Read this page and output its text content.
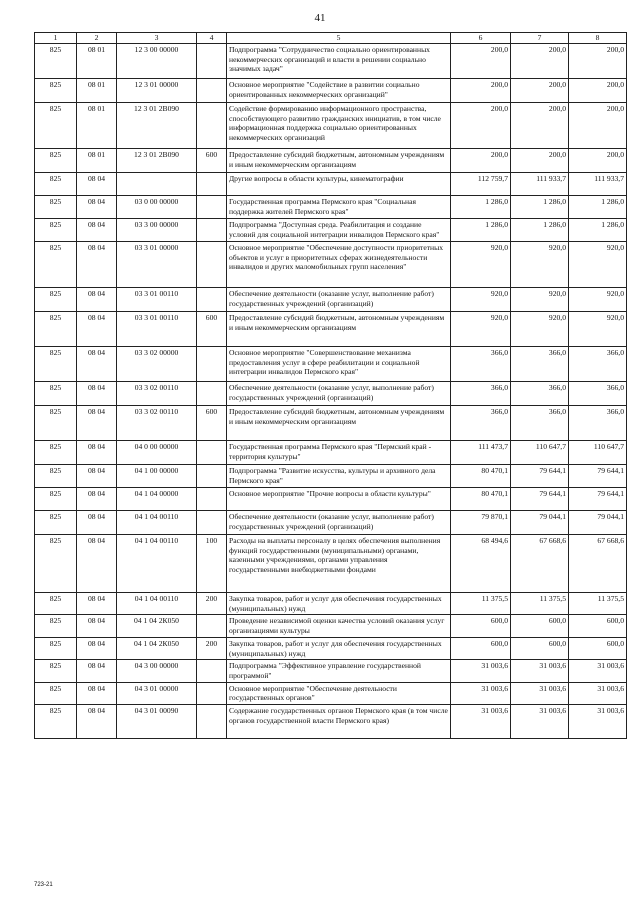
41
1	2	3	4	5	6	7	8
825	08 01	12 3 00 00000		Подпрограмма "Сотрудничество социально ориентированных некоммерческих организаций и власти в решении социально значимых задач"	200,0	200,0	200,0
825	08 01	12 3 01 00000		Основное мероприятие "Содействие в развитии социально ориентированных некоммерческих организаций"	200,0	200,0	200,0
825	08 01	12 3 01 2В090		Содействие формированию информационного пространства, способствующего развитию гражданских инициатив, в том числе информационная поддержка социально ориентированных некоммерческих организаций	200,0	200,0	200,0
825	08 01	12 3 01 2В090	600	Предоставление субсидий бюджетным, автономным учреждениям и иным некоммерческим организациям	200,0	200,0	200,0
825	08 04			Другие вопросы в области культуры, кинематографии	112 759,7	111 933,7	111 933,7
825	08 04	03 0 00 00000		Государственная программа Пермского края "Социальная поддержка жителей Пермского края"	1 286,0	1 286,0	1 286,0
825	08 04	03 3 00 00000		Подпрограмма "Доступная среда. Реабилитация и создание условий для социальной интеграции инвалидов Пермского края"	1 286,0	1 286,0	1 286,0
825	08 04	03 3 01 00000		Основное мероприятие "Обеспечение доступности приоритетных объектов и услуг в приоритетных сферах жизнедеятельности инвалидов и других маломобильных групп населения"	920,0	920,0	920,0
825	08 04	03 3 01 00110		Обеспечение деятельности (оказание услуг, выполнение работ) государственных учреждений (организаций)	920,0	920,0	920,0
825	08 04	03 3 01 00110	600	Предоставление субсидий бюджетным, автономным учреждениям и иным некоммерческим организациям	920,0	920,0	920,0
825	08 04	03 3 02 00000		Основное мероприятие "Совершенствование механизма предоставления услуг в сфере реабилитации и социальной интеграции инвалидов Пермского края"	366,0	366,0	366,0
825	08 04	03 3 02 00110		Обеспечение деятельности (оказание услуг, выполнение работ) государственных учреждений (организаций)	366,0	366,0	366,0
825	08 04	03 3 02 00110	600	Предоставление субсидий бюджетным, автономным учреждениям и иным некоммерческим организациям	366,0	366,0	366,0
825	08 04	04 0 00 00000		Государственная программа Пермского края "Пермский край - территория культуры"	111 473,7	110 647,7	110 647,7
825	08 04	04 1 00 00000		Подпрограмма "Развитие искусства, культуры и архивного дела Пермского края"	80 470,1	79 644,1	79 644,1
825	08 04	04 1 04 00000		Основное мероприятие "Прочие вопросы в области культуры"	80 470,1	79 644,1	79 644,1
825	08 04	04 1 04 00110		Обеспечение деятельности (оказание услуг, выполнение работ) государственных учреждений (организаций)	79 870,1	79 044,1	79 044,1
825	08 04	04 1 04 00110	100	Расходы на выплаты персоналу в целях обеспечения выполнения функций государственными (муниципальными) органами, казенными учреждениями, органами управления государственными внебюджетными фондами	68 494,6	67 668,6	67 668,6
825	08 04	04 1 04 00110	200	Закупка товаров, работ и услуг для обеспечения государственных (муниципальных) нужд	11 375,5	11 375,5	11 375,5
825	08 04	04 1 04 2К050		Проведение независимой оценки качества условий оказания услуг организациями культуры	600,0	600,0	600,0
825	08 04	04 1 04 2К050	200	Закупка товаров, работ и услуг для обеспечения государственных (муниципальных) нужд	600,0	600,0	600,0
825	08 04	04 3 00 00000		Подпрограмма "Эффективное управление государственной программой"	31 003,6	31 003,6	31 003,6
825	08 04	04 3 01 00000		Основное мероприятие "Обеспечение деятельности государственных органов"	31 003,6	31 003,6	31 003,6
825	08 04	04 3 01 00090		Содержание государственных органов Пермского края (в том числе органов государственной власти Пермского края)	31 003,6	31 003,6	31 003,6
723-21
